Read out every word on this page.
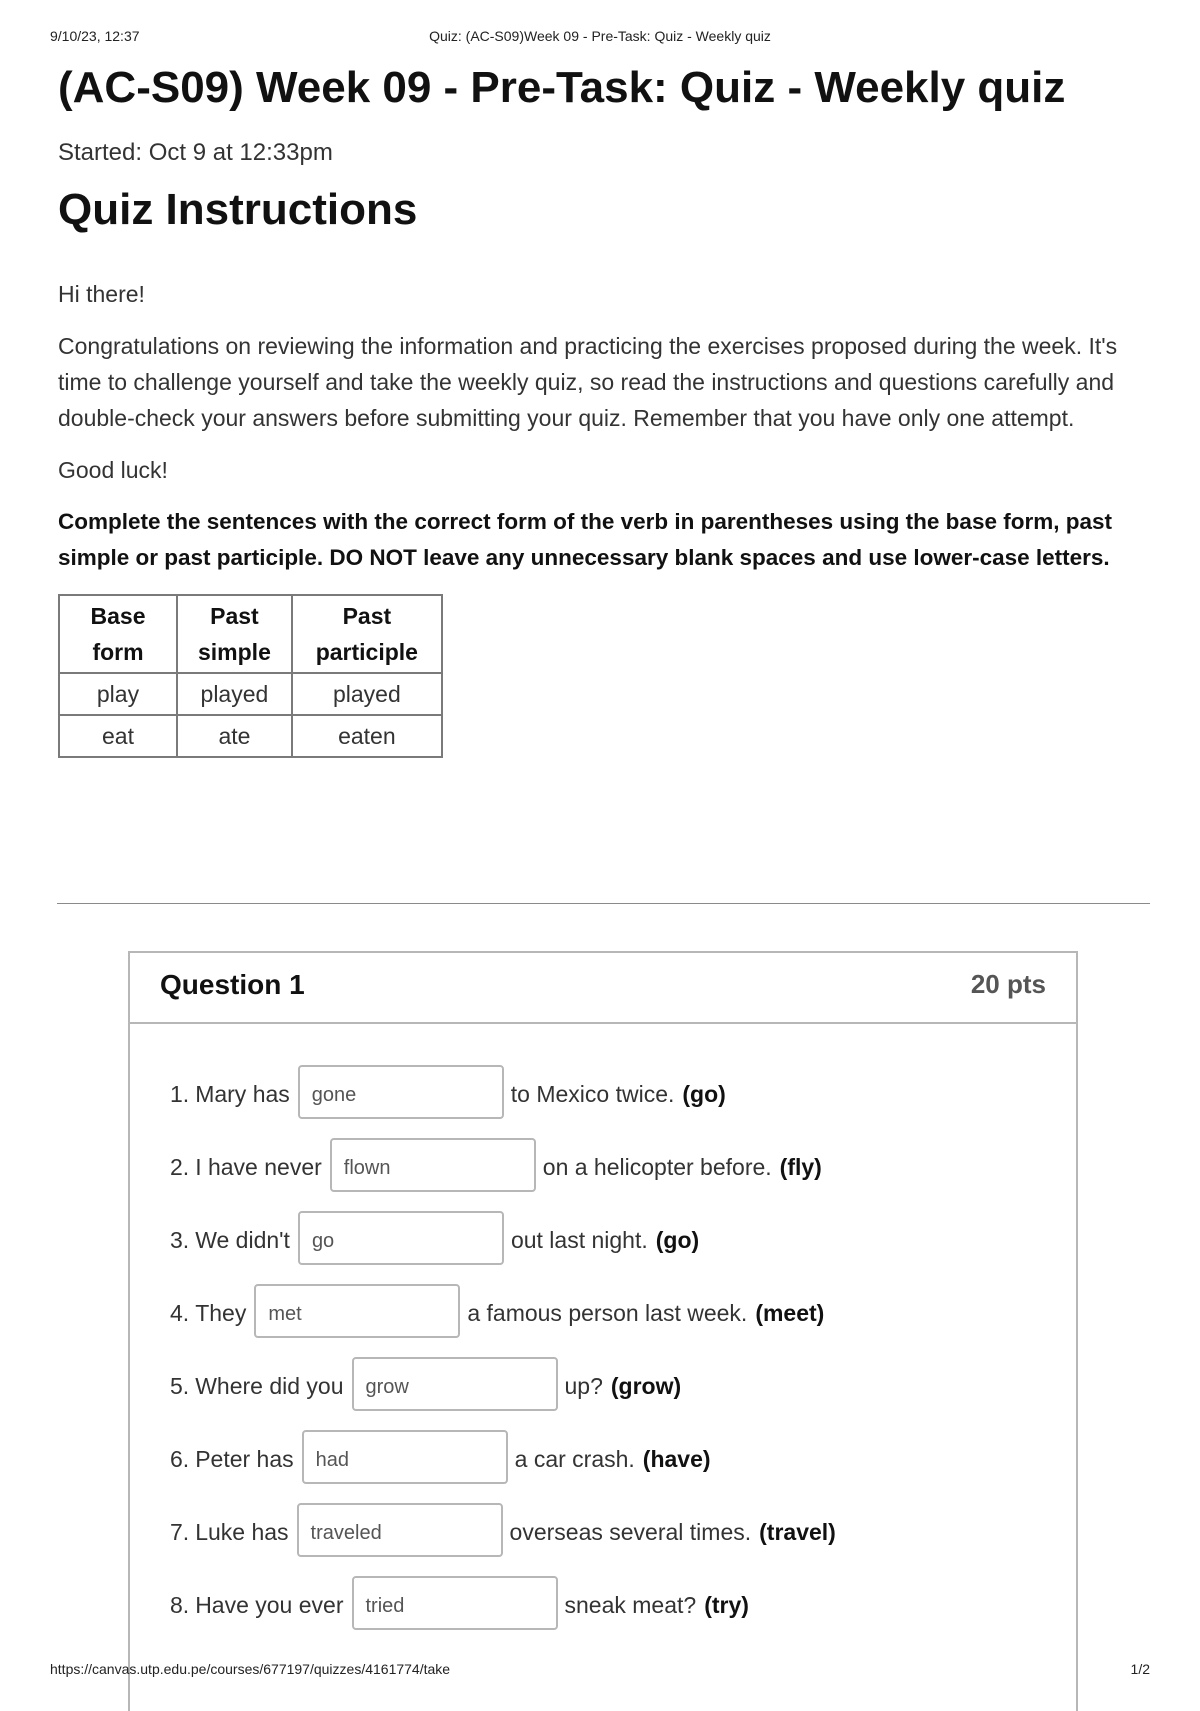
9/10/23, 12:37	Quiz: (AC-S09)Week 09 - Pre-Task: Quiz - Weekly quiz
(AC-S09) Week 09 - Pre-Task: Quiz - Weekly quiz
Started: Oct 9 at 12:33pm
Quiz Instructions

Hi there!

Congratulations on reviewing the information and practicing the exercises proposed during the week. It's time to challenge yourself and take the weekly quiz, so read the instructions and questions carefully and double-check your answers before submitting your quiz. Remember that you have only one attempt.

Good luck!

Complete the sentences with the correct form of the verb in parentheses using the base form, past simple or past participle. DO NOT leave any unnecessary blank spaces and use lower-case letters.

Base form	Past simple	Past participle
play	played	played
eat	ate	eaten
Question 1	20 pts
1. Mary has	gone	to Mexico twice. (go)
2. I have never	flown	on a helicopter before. (fly)
3. We didn't	go	out last night. (go)
4. They	met	a famous person last week. (meet)
5. Where did you	grow	up? (grow)
6. Peter has	had	a car crash. (have)
7. Luke has	traveled	overseas several times. (travel)
8. Have you ever	tried	sneak meat? (try)
https://canvas.utp.edu.pe/courses/677197/quizzes/4161774/take	1/2
